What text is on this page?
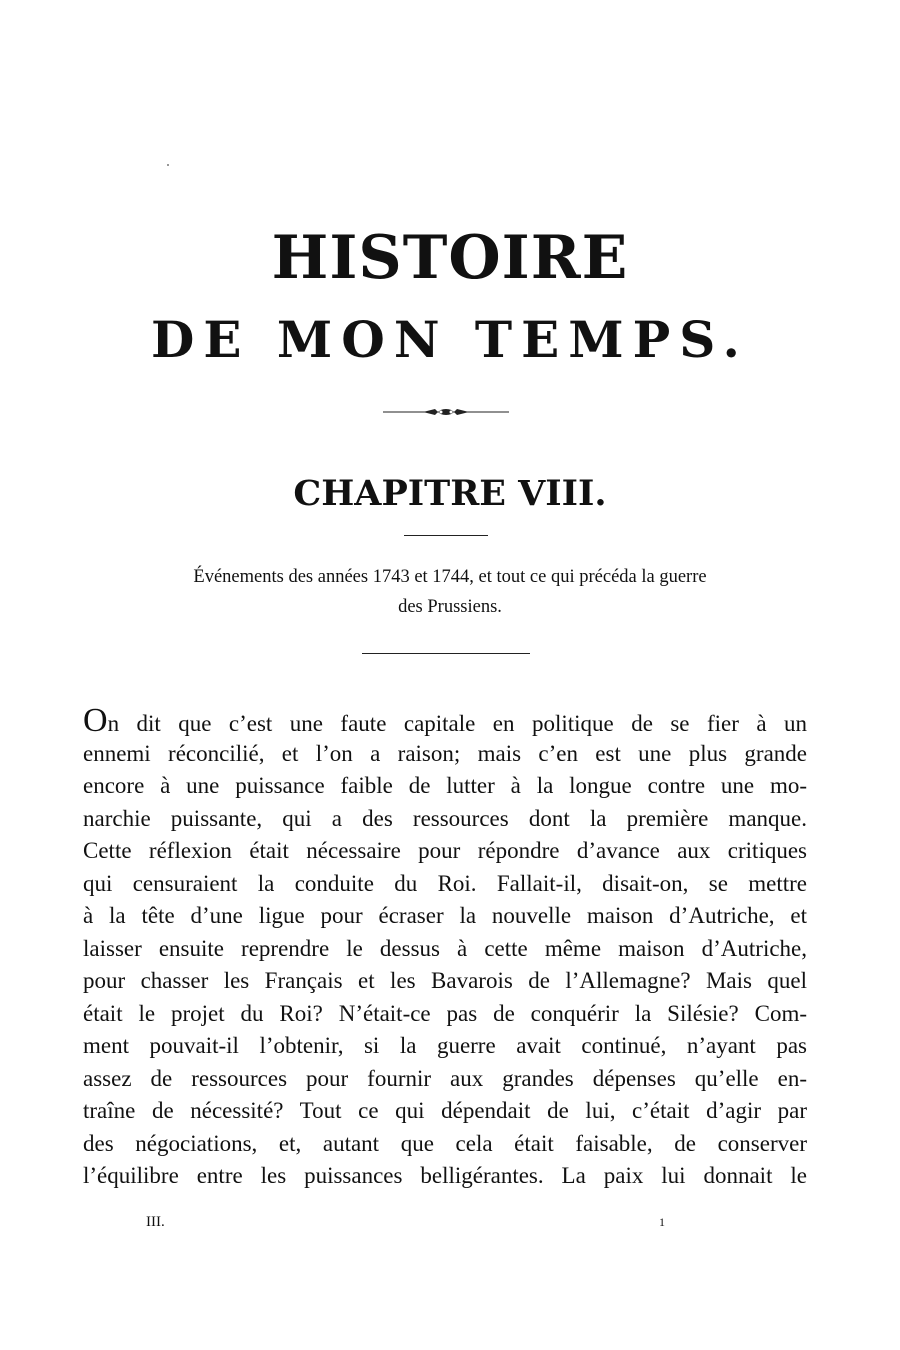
HISTOIRE
DE MON TEMPS.
CHAPITRE VIII.
Événements des années 1743 et 1744, et tout ce qui précéda la guerre
des Prussiens.
On dit que c’est une faute capitale en politique de se fier à un
ennemi réconcilié, et l’on a raison; mais c’en est une plus grande
encore à une puissance faible de lutter à la longue contre une mo-
narchie puissante, qui a des ressources dont la première manque.
Cette réflexion était nécessaire pour répondre d’avance aux critiques
qui censuraient la conduite du Roi. Fallait-il, disait-on, se mettre
à la tête d’une ligue pour écraser la nouvelle maison d’Autriche, et
laisser ensuite reprendre le dessus à cette même maison d’Autriche,
pour chasser les Français et les Bavarois de l’Allemagne? Mais quel
était le projet du Roi? N’était-ce pas de conquérir la Silésie? Com-
ment pouvait-il l’obtenir, si la guerre avait continué, n’ayant pas
assez de ressources pour fournir aux grandes dépenses qu’elle en-
traîne de nécessité? Tout ce qui dépendait de lui, c’était d’agir par
des négociations, et, autant que cela était faisable, de conserver
l’équilibre entre les puissances belligérantes. La paix lui donnait le
III.	1
